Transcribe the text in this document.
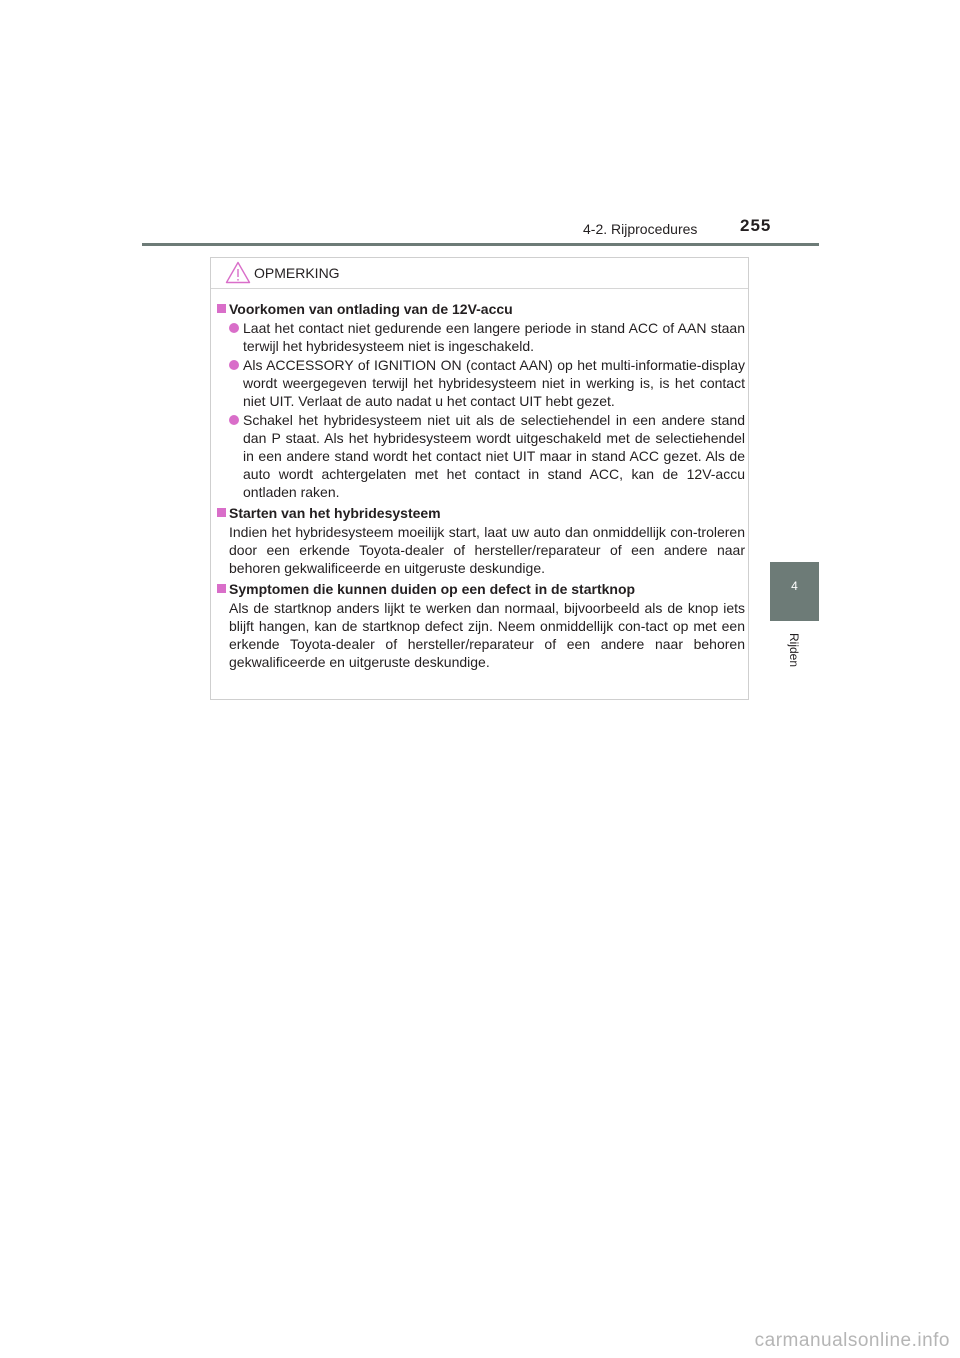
4-2. Rijprocedures	255
4
Rijden
OPMERKING
Voorkomen van ontlading van de 12V-accu
Laat het contact niet gedurende een langere periode in stand ACC of AAN staan terwijl het hybridesysteem niet is ingeschakeld.
Als ACCESSORY of IGNITION ON (contact AAN) op het multi-informatie-display wordt weergegeven terwijl het hybridesysteem niet in werking is, is het contact niet UIT. Verlaat de auto nadat u het contact UIT hebt gezet.
Schakel het hybridesysteem niet uit als de selectiehendel in een andere stand dan P staat. Als het hybridesysteem wordt uitgeschakeld met de selectiehendel in een andere stand wordt het contact niet UIT maar in stand ACC gezet. Als de auto wordt achtergelaten met het contact in stand ACC, kan de 12V-accu ontladen raken.
Starten van het hybridesysteem
Indien het hybridesysteem moeilijk start, laat uw auto dan onmiddellijk con-troleren door een erkende Toyota-dealer of hersteller/reparateur of een andere naar behoren gekwalificeerde en uitgeruste deskundige.
Symptomen die kunnen duiden op een defect in de startknop
Als de startknop anders lijkt te werken dan normaal, bijvoorbeeld als de knop iets blijft hangen, kan de startknop defect zijn. Neem onmiddellijk con-tact op met een erkende Toyota-dealer of hersteller/reparateur of een andere naar behoren gekwalificeerde en uitgeruste deskundige.
carmanualsonline.info
